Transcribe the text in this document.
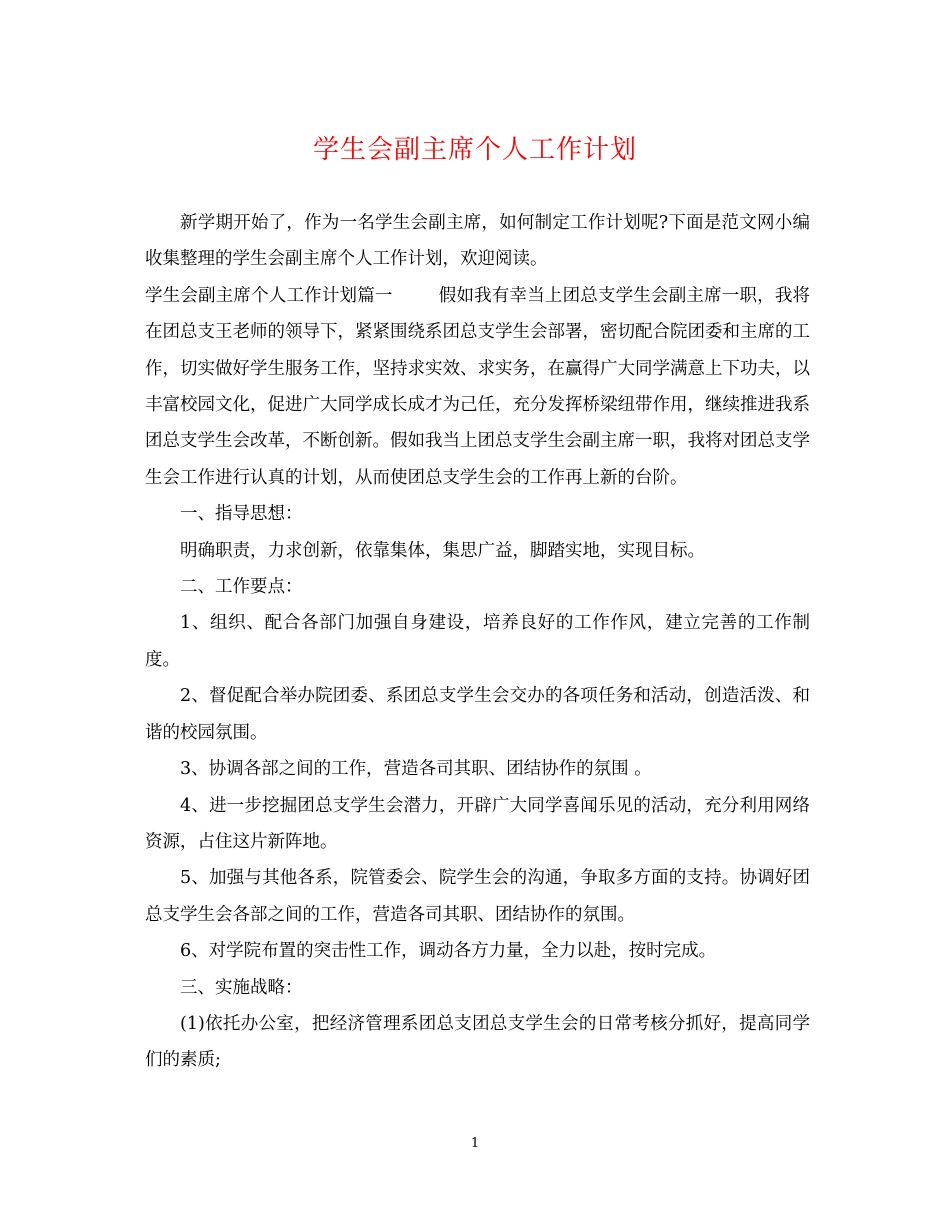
学生会副主席个人工作计划

新学期开始了，作为一名学生会副主席，如何制定工作计划呢?下面是范文网小编收集整理的学生会副主席个人工作计划，欢迎阅读。

学生会副主席个人工作计划篇一	假如我有幸当上团总支学生会副主席一职，我将在团总支王老师的领导下，紧紧围绕系团总支学生会部署，密切配合院团委和主席的工作，切实做好学生服务工作，坚持求实效、求实务，在赢得广大同学满意上下功夫，以丰富校园文化，促进广大同学成长成才为己任，充分发挥桥梁纽带作用，继续推进我系团总支学生会改革，不断创新。假如我当上团总支学生会副主席一职，我将对团总支学生会工作进行认真的计划，从而使团总支学生会的工作再上新的台阶。

一、指导思想：

明确职责，力求创新，依靠集体，集思广益，脚踏实地，实现目标。

二、工作要点：

1、组织、配合各部门加强自身建设，培养良好的工作作风，建立完善的工作制度。

2、督促配合举办院团委、系团总支学生会交办的各项任务和活动，创造活泼、和谐的校园氛围。

3、协调各部之间的工作，营造各司其职、团结协作的氛围 。

4、进一步挖掘团总支学生会潜力，开辟广大同学喜闻乐见的活动，充分利用网络资源，占住这片新阵地。

5、加强与其他各系，院管委会、院学生会的沟通，争取多方面的支持。协调好团总支学生会各部之间的工作，营造各司其职、团结协作的氛围。

6、对学院布置的突击性工作，调动各方力量，全力以赴，按时完成。

三、实施战略：

(1)依托办公室，把经济管理系团总支团总支学生会的日常考核分抓好，提高同学们的素质;

1
